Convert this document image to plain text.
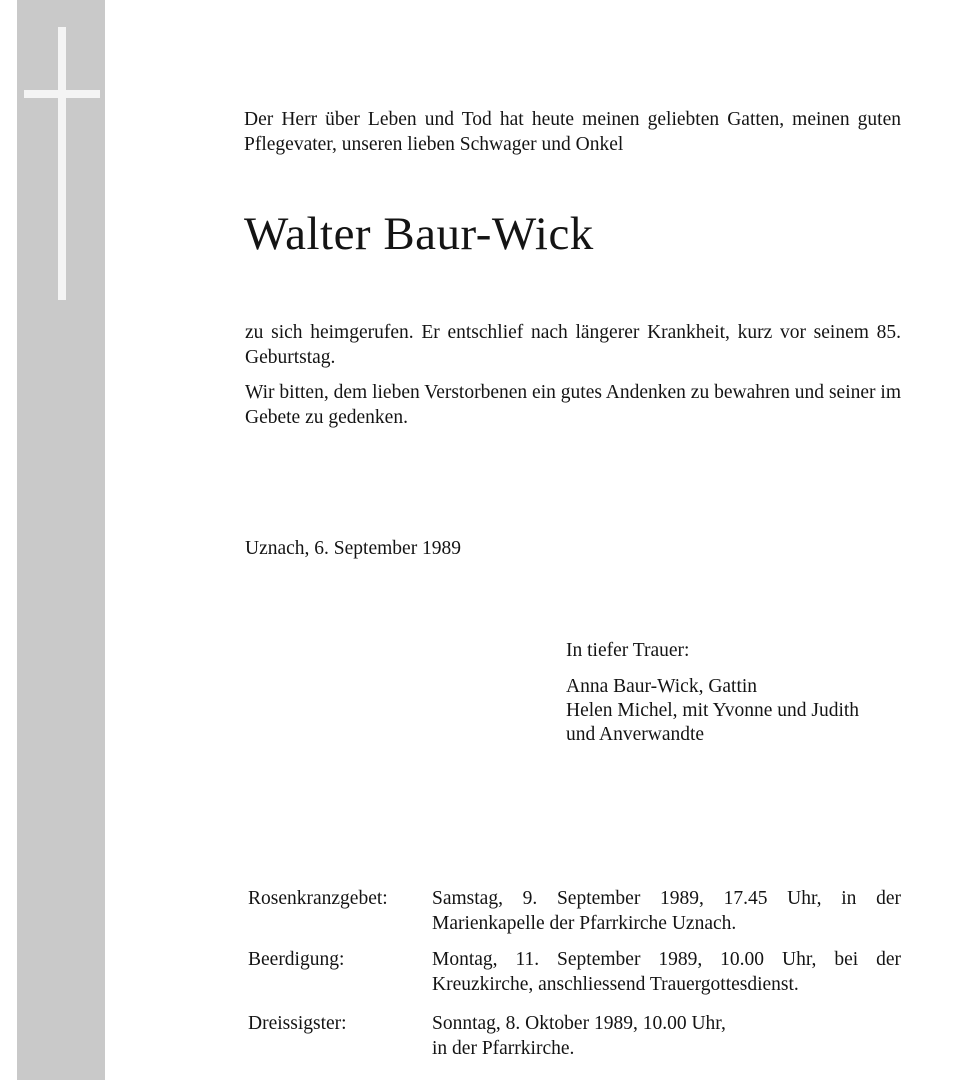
Der Herr über Leben und Tod hat heute meinen geliebten Gatten, meinen guten Pflegevater, unseren lieben Schwager und Onkel

Walter Baur-Wick

zu sich heimgerufen. Er entschlief nach längerer Krankheit, kurz vor seinem 85. Geburtstag.

Wir bitten, dem lieben Verstorbenen ein gutes Andenken zu bewahren und seiner im Gebete zu gedenken.

Uznach, 6. September 1989

In tiefer Trauer:

Anna Baur-Wick, Gattin

Helen Michel, mit Yvonne und Judith

und Anverwandte

Rosenkranzgebet: Samstag, 9. September 1989, 17.45 Uhr, in der Marienkapelle der Pfarrkirche Uznach.

Beerdigung:	Montag, 11. September 1989, 10.00 Uhr, bei der Kreuzkirche, anschliessend Trauergottesdienst.

Dreissigster:	Sonntag, 8. Oktober 1989, 10.00 Uhr,
in der Pfarrkirche.
